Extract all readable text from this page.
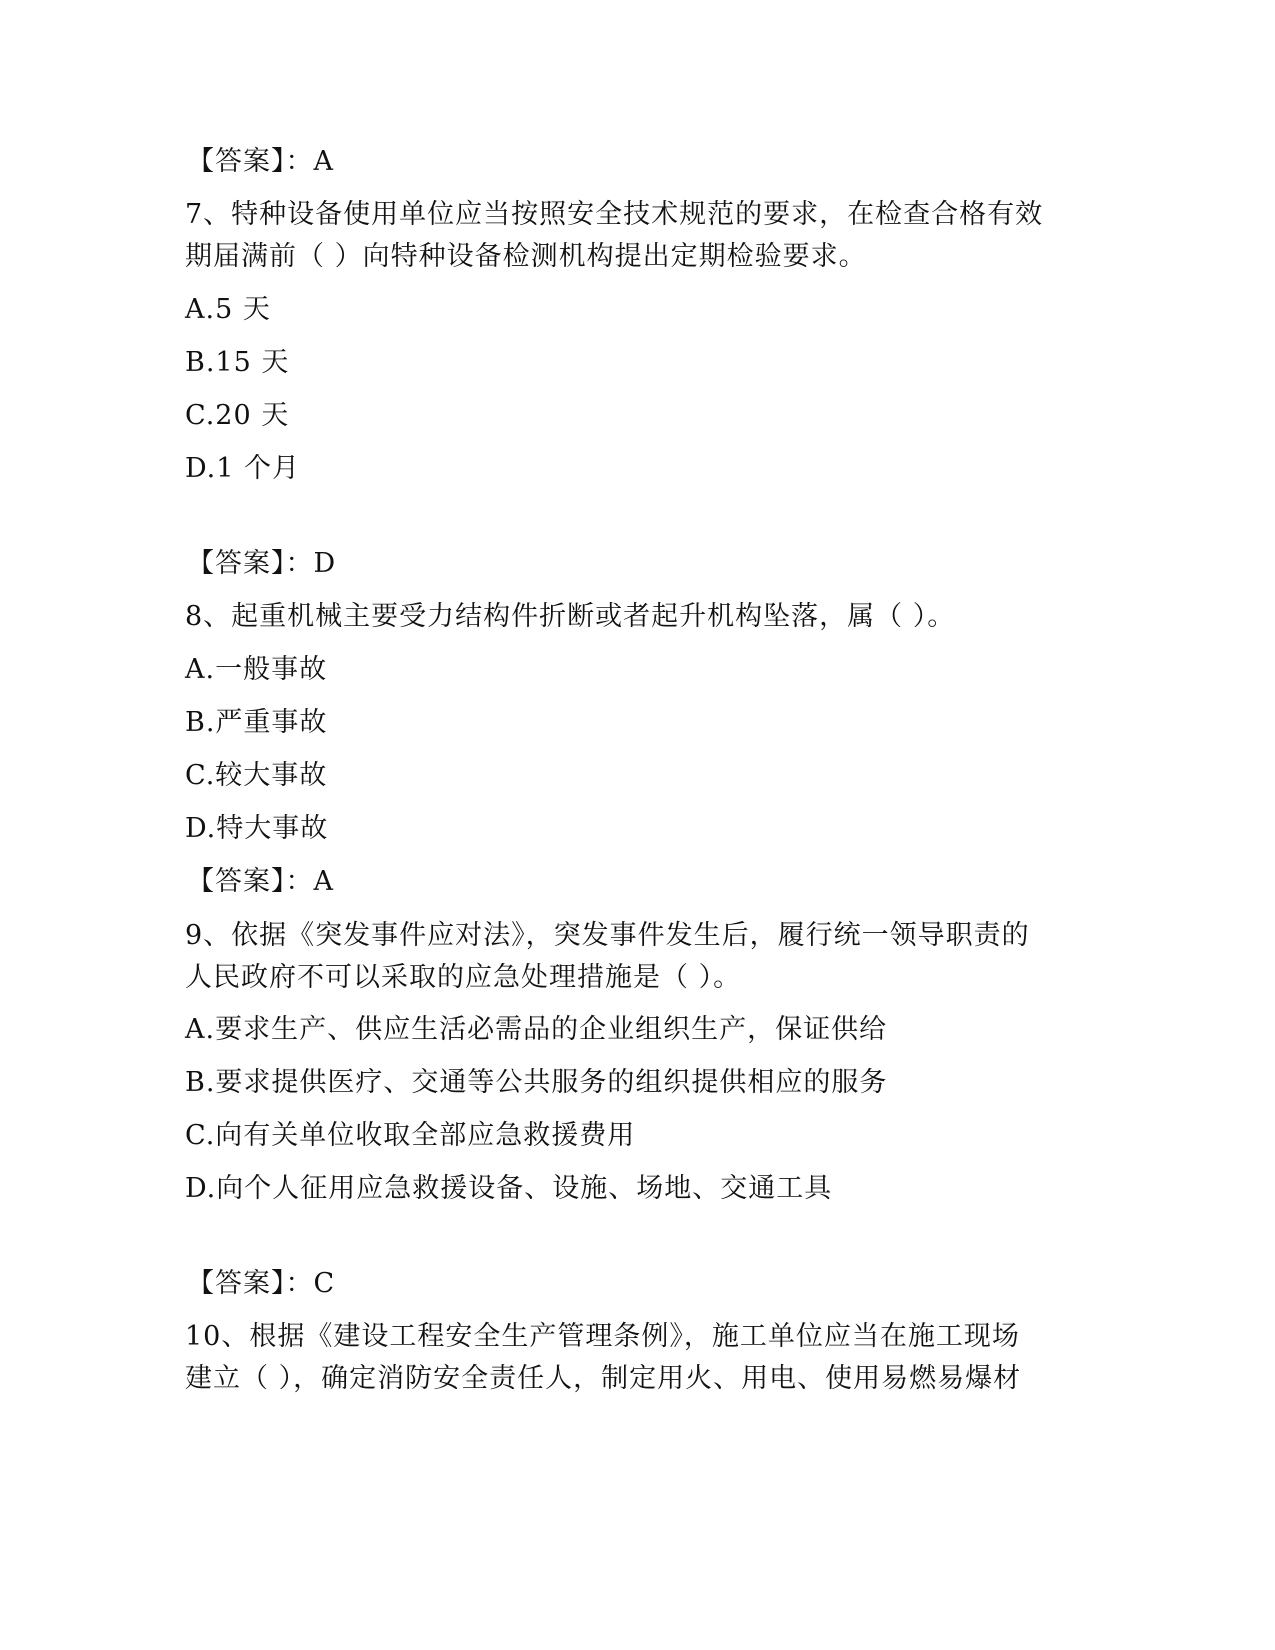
【答案】：A
7、特种设备使用单位应当按照安全技术规范的要求，在检查合格有效
期届满前（ ）向特种设备检测机构提出定期检验要求。
A.5 天
B.15 天
C.20 天
D.1 个月
【答案】：D
8、起重机械主要受力结构件折断或者起升机构坠落，属（ ）。
A.一般事故
B.严重事故
C.较大事故
D.特大事故
【答案】：A
9、依据《突发事件应对法》，突发事件发生后，履行统一领导职责的
人民政府不可以采取的应急处理措施是（ ）。
A.要求生产、供应生活必需品的企业组织生产，保证供给
B.要求提供医疗、交通等公共服务的组织提供相应的服务
C.向有关单位收取全部应急救援费用
D.向个人征用应急救援设备、设施、场地、交通工具
【答案】：C
10、根据《建设工程安全生产管理条例》，施工单位应当在施工现场
建立（ ），确定消防安全责任人，制定用火、用电、使用易燃易爆材
